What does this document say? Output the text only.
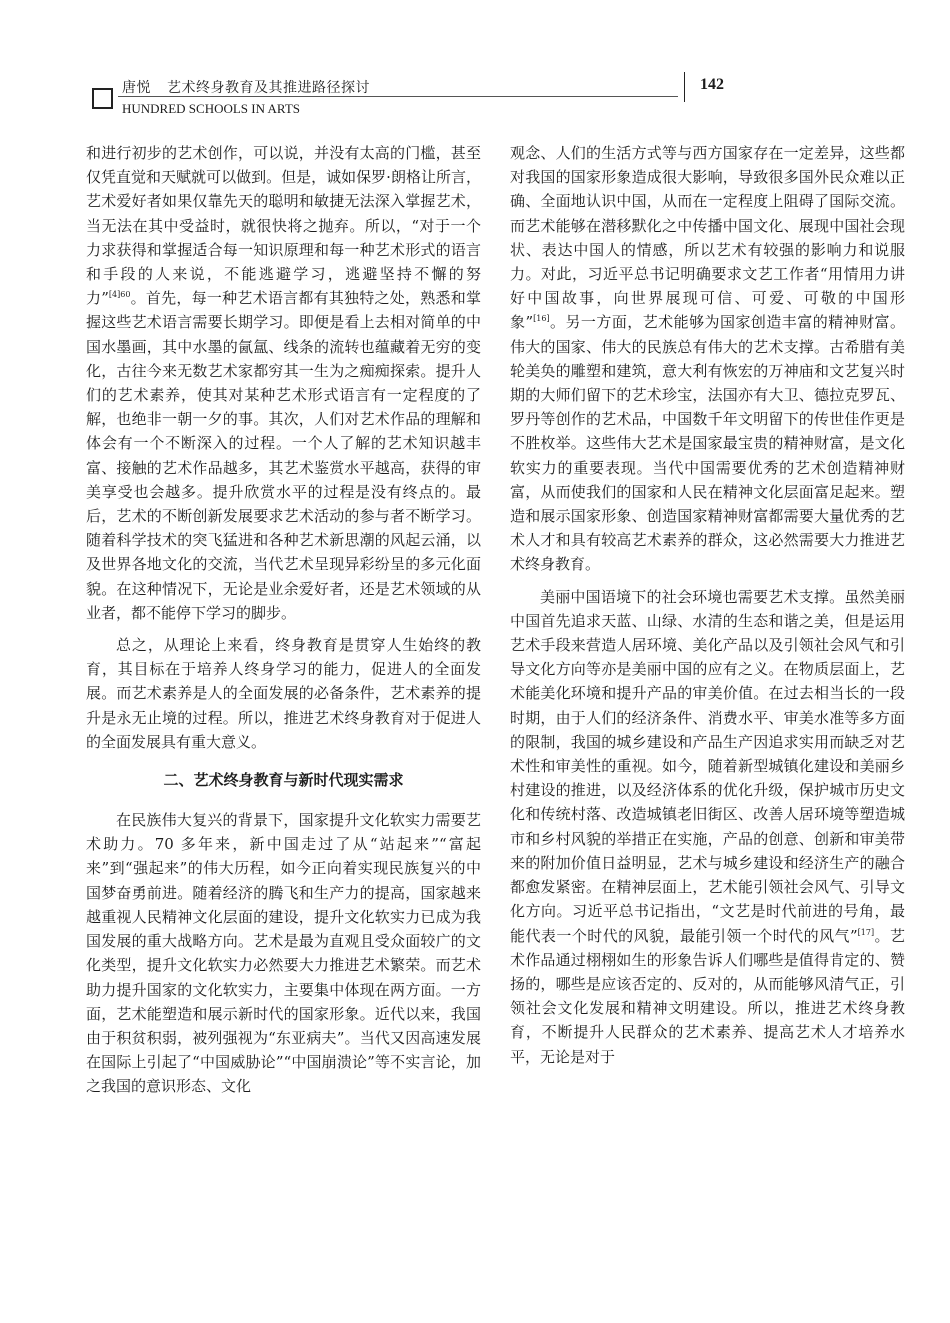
唐悦 艺术终身教育及其推进路径探讨
HUNDRED SCHOOLS IN ARTS
142

和进行初步的艺术创作，可以说，并没有太高的门槛，甚至仅凭直觉和天赋就可以做到。但是，诚如保罗·朗格让所言，艺术爱好者如果仅靠先天的聪明和敏捷无法深入掌握艺术，当无法在其中受益时，就很快将之抛弃。所以，“对于一个力求获得和掌握适合每一知识原理和每一种艺术形式的语言和手段的人来说，不能逃避学习，逃避坚持不懈的努力”$^{[4]60}$。首先，每一种艺术语言都有其独特之处，熟悉和掌握这些艺术语言需要长期学习。即便是看上去相对简单的中国水墨画，其中水墨的氤氲、线条的流转也蕴藏着无穷的变化，古往今来无数艺术家都穷其一生为之痴痴探索。提升人们的艺术素养，使其对某种艺术形式语言有一定程度的了解，也绝非一朝一夕的事。其次，人们对艺术作品的理解和体会有一个不断深入的过程。一个人了解的艺术知识越丰富、接触的艺术作品越多，其艺术鉴赏水平越高，获得的审美享受也会越多。提升欣赏水平的过程是没有终点的。最后，艺术的不断创新发展要求艺术活动的参与者不断学习。随着科学技术的突飞猛进和各种艺术新思潮的风起云涌，以及世界各地文化的交流，当代艺术呈现异彩纷呈的多元化面貌。在这种情况下，无论是业余爱好者，还是艺术领域的从业者，都不能停下学习的脚步。

总之，从理论上来看，终身教育是贯穿人生始终的教育，其目标在于培养人终身学习的能力，促进人的全面发展。而艺术素养是人的全面发展的必备条件，艺术素养的提升是永无止境的过程。所以，推进艺术终身教育对于促进人的全面发展具有重大意义。

二、艺术终身教育与新时代现实需求

在民族伟大复兴的背景下，国家提升文化软实力需要艺术助力。70 多年来，新中国走过了从“站起来”“富起来”到“强起来”的伟大历程，如今正向着实现民族复兴的中国梦奋勇前进。随着经济的腾飞和生产力的提高，国家越来越重视人民精神文化层面的建设，提升文化软实力已成为我国发展的重大战略方向。艺术是最为直观且受众面较广的文化类型，提升文化软实力必然要大力推进艺术繁荣。而艺术助力提升国家的文化软实力，主要集中体现在两方面。一方面，艺术能塑造和展示新时代的国家形象。近代以来，我国由于积贫积弱，被列强视为“东亚病夫”。当代又因高速发展在国际上引起了“中国威胁论”“中国崩溃论”等不实言论，加之我国的意识形态、文化

观念、人们的生活方式等与西方国家存在一定差异，这些都对我国的国家形象造成很大影响，导致很多国外民众难以正确、全面地认识中国，从而在一定程度上阻碍了国际交流。而艺术能够在潜移默化之中传播中国文化、展现中国社会现状、表达中国人的情感，所以艺术有较强的影响力和说服力。对此，习近平总书记明确要求文艺工作者“用情用力讲好中国故事，向世界展现可信、可爱、可敬的中国形象”[16]。另一方面，艺术能够为国家创造丰富的精神财富。伟大的国家、伟大的民族总有伟大的艺术支撑。古希腊有美轮美奂的雕塑和建筑，意大利有恢宏的万神庙和文艺复兴时期的大师们留下的艺术珍宝，法国亦有大卫、德拉克罗瓦、罗丹等创作的艺术品，中国数千年文明留下的传世佳作更是不胜枚举。这些伟大艺术是国家最宝贵的精神财富，是文化软实力的重要表现。当代中国需要优秀的艺术创造精神财富，从而使我们的国家和人民在精神文化层面富足起来。塑造和展示国家形象、创造国家精神财富都需要大量优秀的艺术人才和具有较高艺术素养的群众，这必然需要大力推进艺术终身教育。

美丽中国语境下的社会环境也需要艺术支撑。虽然美丽中国首先追求天蓝、山绿、水清的生态和谐之美，但是运用艺术手段来营造人居环境、美化产品以及引领社会风气和引导文化方向等亦是美丽中国的应有之义。在物质层面上，艺术能美化环境和提升产品的审美价值。在过去相当长的一段时期，由于人们的经济条件、消费水平、审美水准等多方面的限制，我国的城乡建设和产品生产因追求实用而缺乏对艺术性和审美性的重视。如今，随着新型城镇化建设和美丽乡村建设的推进，以及经济体系的优化升级，保护城市历史文化和传统村落、改造城镇老旧街区、改善人居环境等塑造城市和乡村风貌的举措正在实施，产品的创意、创新和审美带来的附加价值日益明显，艺术与城乡建设和经济生产的融合都愈发紧密。在精神层面上，艺术能引领社会风气、引导文化方向。习近平总书记指出，“文艺是时代前进的号角，最能代表一个时代的风貌，最能引领一个时代的风气”[17]。艺术作品通过栩栩如生的形象告诉人们哪些是值得肯定的、赞扬的，哪些是应该否定的、反对的，从而能够风清气正，引领社会文化发展和精神文明建设。所以，推进艺术终身教育，不断提升人民群众的艺术素养、提高艺术人才培养水平，无论是对于
